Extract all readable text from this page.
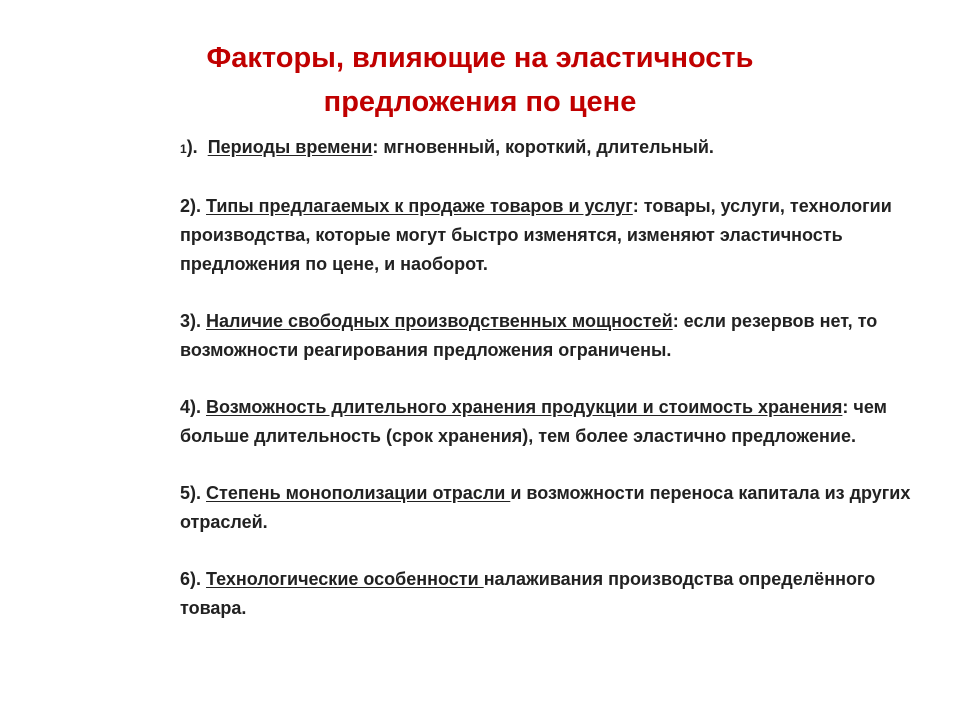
Факторы, влияющие на эластичность
предложения по цене
1). Периоды времени: мгновенный, короткий, длительный.
2). Типы предлагаемых к продаже товаров и услуг: товары, услуги, технологии производства, которые могут быстро изменятся, изменяют эластичность предложения по цене, и наоборот.
3). Наличие свободных производственных мощностей: если резервов нет, то возможности реагирования предложения ограничены.
4). Возможность длительного хранения продукции и стоимость хранения: чем больше длительность (срок хранения), тем более эластично предложение.
5). Степень монополизации отрасли и возможности переноса капитала из других отраслей.
6). Технологические особенности налаживания производства определённого товара.
